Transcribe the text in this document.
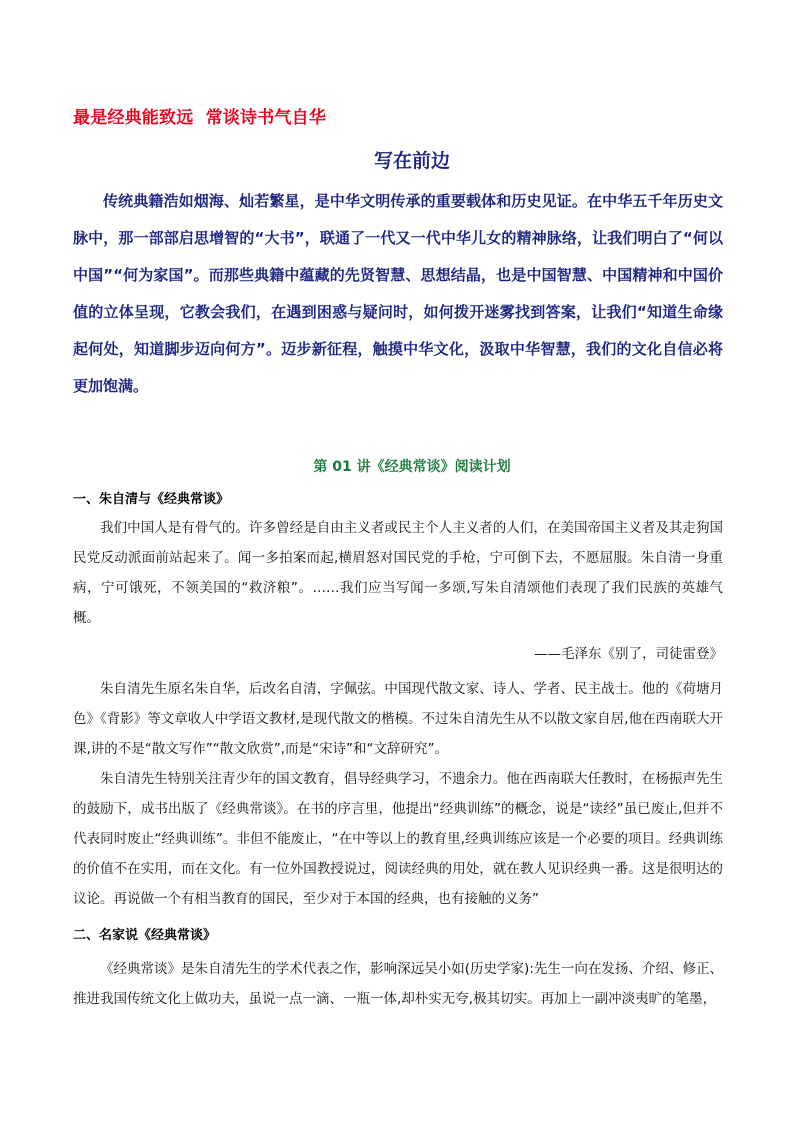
最是经典能致远  常谈诗书气自华
写在前边

传统典籍浩如烟海、灿若繁星，是中华文明传承的重要载体和历史见证。在中华五千年历史文脉中，那一部部启思增智的“大书”，联通了一代又一代中华儿女的精神脉络，让我们明白了“何以中国”“何为家国”。而那些典籍中蕴藏的先贤智慧、思想结晶，也是中国智慧、中国精神和中国价值的立体呈现，它教会我们，在遇到困惑与疑问时，如何拨开迷雾找到答案，让我们“知道生命缘起何处，知道脚步迈向何方”。迈步新征程，触摸中华文化，汲取中华智慧，我们的文化自信必将更加饱满。

第 01 讲《经典常谈》阅读计划
一、朱自清与《经典常谈》

我们中国人是有骨气的。许多曾经是自由主义者或民主个人主义者的人们，在美国帝国主义者及其走狗国民党反动派面前站起来了。闻一多拍案而起,横眉怒对国民党的手枪，宁可倒下去，不愿屈服。朱自清一身重病，宁可饿死，不领美国的“救济粮”。……我们应当写闻一多颂,写朱自清颂他们表现了我们民族的英雄气概。

——毛泽东《别了，司徒雷登》

朱自清先生原名朱自华，后改名自清，字佩弦。中国现代散文家、诗人、学者、民主战士。他的《荷塘月色》《背影》等文章收人中学语文教材,是现代散文的楷模。不过朱自清先生从不以散文家自居,他在西南联大开课,讲的不是“散文写作”“散文欣赏”,而是“宋诗”和“文辞研究”。

朱自清先生特别关注青少年的国文教育，倡导经典学习，不遗余力。他在西南联大任教时，在杨振声先生的鼓励下，成书出版了《经典常谈》。在书的序言里，他提出“经典训练”的概念，说是“读经”虽已废止,但并不代表同时废止“经典训练”。非但不能废止，“在中等以上的教育里,经典训练应该是一个必要的项目。经典训练的价值不在实用，而在文化。有一位外国教授说过，阅读经典的用处，就在教人见识经典一番。这是很明达的议论。再说做一个有相当教育的国民，至少对于本国的经典，也有接触的义务”

二、名家说《经典常谈》

《经典常谈》是朱自清先生的学术代表之作，影响深远吴小如(历史学家):先生一向在发扬、介绍、修正、推进我国传统文化上做功夫，虽说一点一滴、一瓶一体,却朴实无夸,极其切实。再加上一副冲淡夷旷的笔墨，
